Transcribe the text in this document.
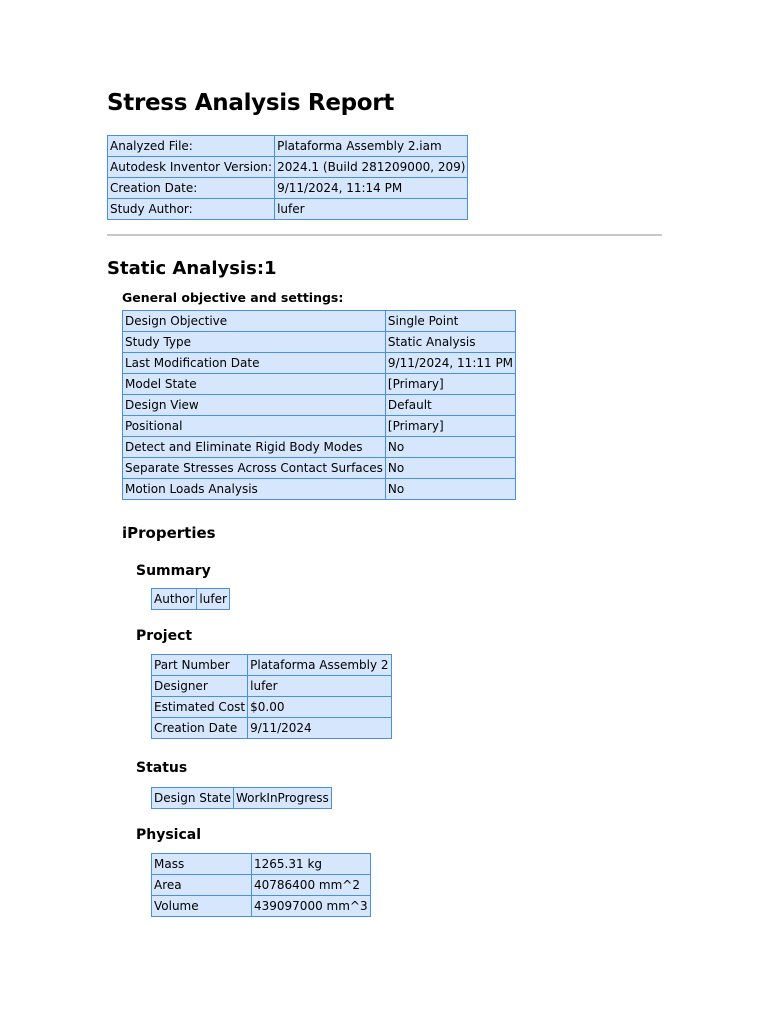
Stress Analysis Report
Analyzed File:	Plataforma Assembly 2.iam
Autodesk Inventor Version:	2024.1 (Build 281209000, 209)
Creation Date:	9/11/2024, 11:14 PM
Study Author:	lufer
Static Analysis:1
General objective and settings:
Design Objective	Single Point
Study Type	Static Analysis
Last Modification Date	9/11/2024, 11:11 PM
Model State	[Primary]
Design View	Default
Positional	[Primary]
Detect and Eliminate Rigid Body Modes	No
Separate Stresses Across Contact Surfaces	No
Motion Loads Analysis	No
iProperties
Summary
Author	lufer
Project
Part Number	Plataforma Assembly 2
Designer	lufer
Estimated Cost	$0.00
Creation Date	9/11/2024
Status
Design State	WorkInProgress
Physical
Mass	1265.31 kg
Area	40786400 mm^2
Volume	439097000 mm^3
